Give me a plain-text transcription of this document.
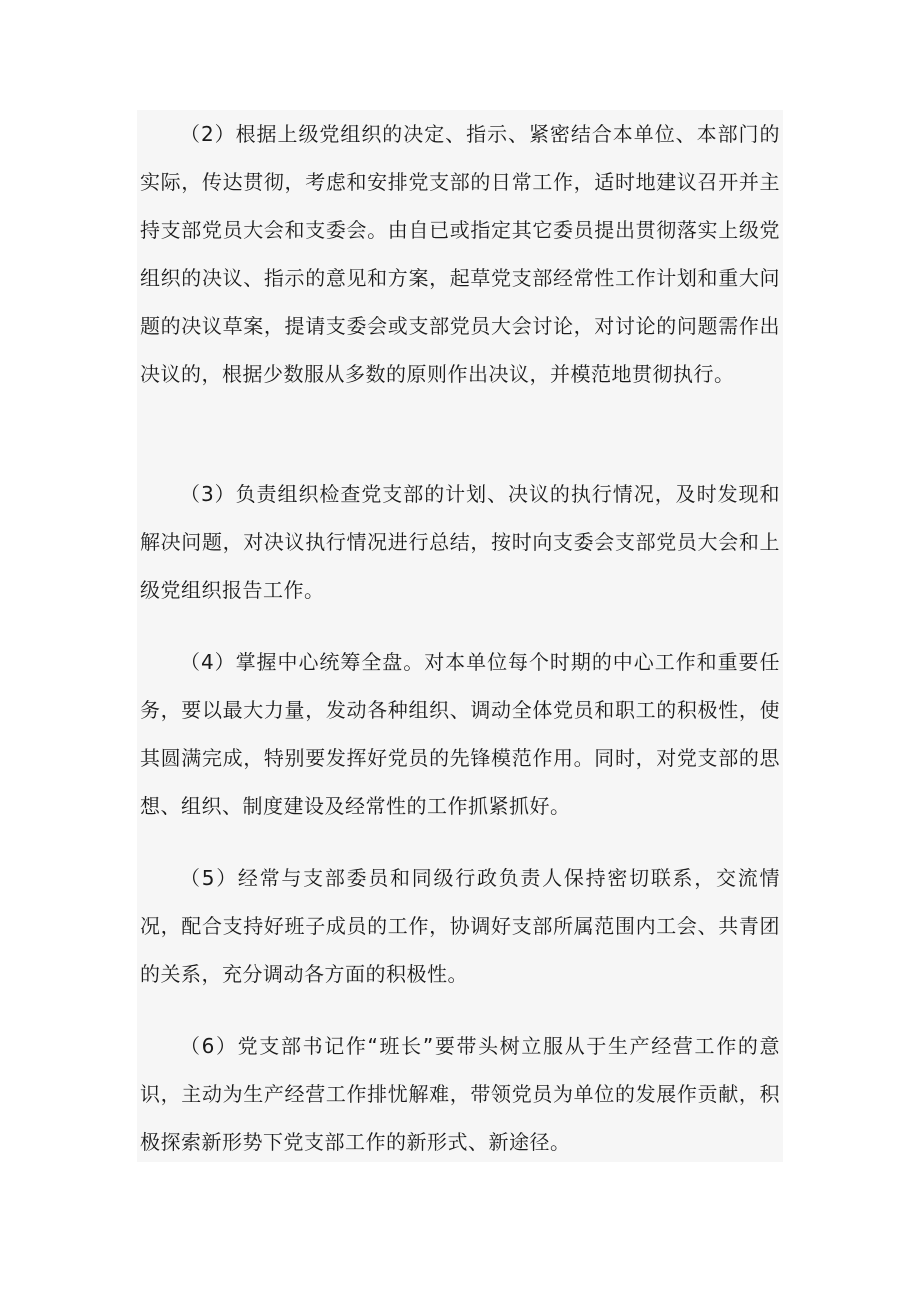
（2）根据上级党组织的决定、指示、紧密结合本单位、本部门的实际，传达贯彻，考虑和安排党支部的日常工作，适时地建议召开并主持支部党员大会和支委会。由自已或指定其它委员提出贯彻落实上级党组织的决议、指示的意见和方案，起草党支部经常性工作计划和重大问题的决议草案，提请支委会或支部党员大会讨论，对讨论的问题需作出决议的，根据少数服从多数的原则作出决议，并模范地贯彻执行。

（3）负责组织检查党支部的计划、决议的执行情况，及时发现和解决问题，对决议执行情况进行总结，按时向支委会支部党员大会和上级党组织报告工作。

（4）掌握中心统筹全盘。对本单位每个时期的中心工作和重要任务，要以最大力量，发动各种组织、调动全体党员和职工的积极性，使其圆满完成，特别要发挥好党员的先锋模范作用。同时，对党支部的思想、组织、制度建设及经常性的工作抓紧抓好。

（5）经常与支部委员和同级行政负责人保持密切联系，交流情况，配合支持好班子成员的工作，协调好支部所属范围内工会、共青团的关系，充分调动各方面的积极性。

（6）党支部书记作“班长”要带头树立服从于生产经营工作的意识，主动为生产经营工作排忧解难，带领党员为单位的发展作贡献，积极探索新形势下党支部工作的新形式、新途径。
